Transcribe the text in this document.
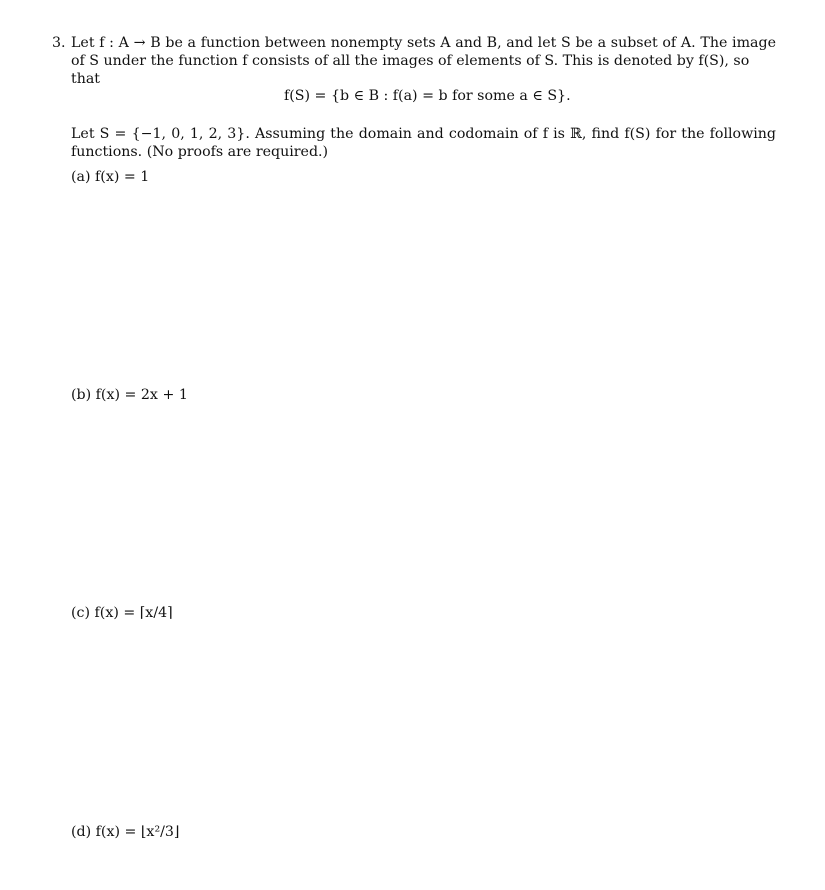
3. Let f : A → B be a function between nonempty sets A and B, and let S be a subset of A. The image
of S under the function f consists of all the images of elements of S. This is denoted by f(S), so that
f(S) = {b ∈ B : f(a) = b for some a ∈ S}.
Let S = {−1, 0, 1, 2, 3}. Assuming the domain and codomain of f is ℝ, find f(S) for the following
functions. (No proofs are required.)
(a) f(x) = 1
(b) f(x) = 2x + 1
(c) f(x) = ⌈x/4⌉
(d) f(x) = ⌊x²/3⌋
